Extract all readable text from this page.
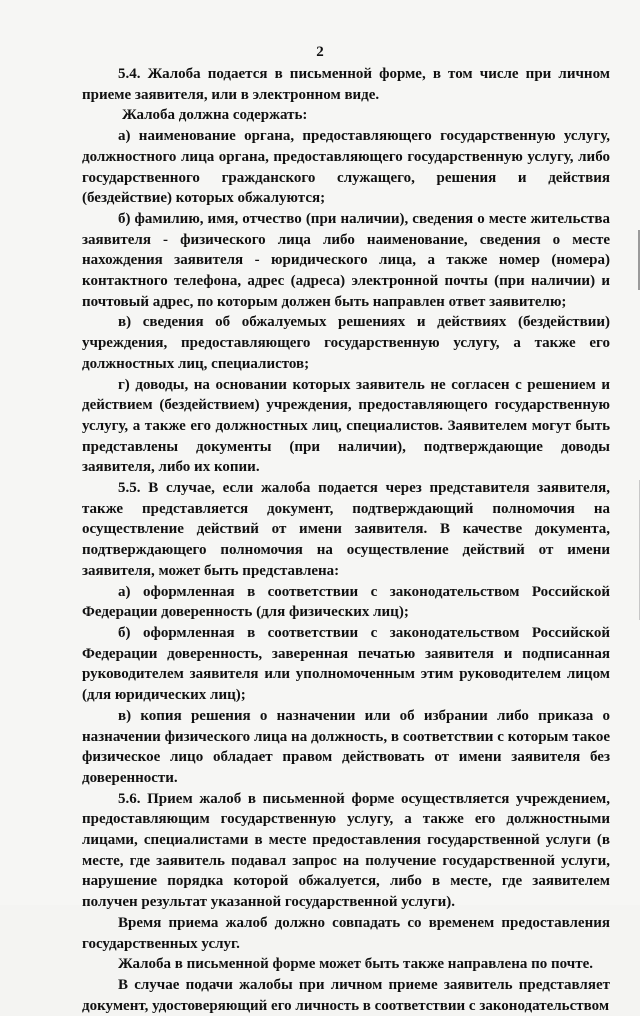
2

5.4. Жалоба подается в письменной форме, в том числе при личном приеме заявителя, или в электронном виде.

Жалоба должна содержать:

а) наименование органа, предоставляющего государственную услугу, должностного лица органа, предоставляющего государственную услугу, либо государственного гражданского служащего, решения и действия (бездействие) которых обжалуются;

б) фамилию, имя, отчество (при наличии), сведения о месте жительства заявителя - физического лица либо наименование, сведения о месте нахождения заявителя - юридического лица, а также номер (номера) контактного телефона, адрес (адреса) электронной почты (при наличии) и почтовый адрес, по которым должен быть направлен ответ заявителю;

в) сведения об обжалуемых решениях и действиях (бездействии) учреждения, предоставляющего государственную услугу, а также его должностных лиц, специалистов;

г) доводы, на основании которых заявитель не согласен с решением и действием (бездействием) учреждения, предоставляющего государственную услугу, а также его должностных лиц, специалистов. Заявителем могут быть представлены документы (при наличии), подтверждающие доводы заявителя, либо их копии.

5.5. В случае, если жалоба подается через представителя заявителя, также представляется документ, подтверждающий полномочия на осуществление действий от имени заявителя. В качестве документа, подтверждающего полномочия на осуществление действий от имени заявителя, может быть представлена:

а) оформленная в соответствии с законодательством Российской Федерации доверенность (для физических лиц);

б) оформленная в соответствии с законодательством Российской Федерации доверенность, заверенная печатью заявителя и подписанная руководителем заявителя или уполномоченным этим руководителем лицом (для юридических лиц);

в) копия решения о назначении или об избрании либо приказа о назначении физического лица на должность, в соответствии с которым такое физическое лицо обладает правом действовать от имени заявителя без доверенности.

5.6. Прием жалоб в письменной форме осуществляется учреждением, предоставляющим государственную услугу, а также его должностными лицами, специалистами в месте предоставления государственной услуги (в месте, где заявитель подавал запрос на получение государственной услуги, нарушение порядка которой обжалуется, либо в месте, где заявителем получен результат указанной государственной услуги).

Время приема жалоб должно совпадать со временем предоставления государственных услуг.

Жалоба в письменной форме может быть также направлена по почте.

В случае подачи жалобы при личном приеме заявитель представляет документ, удостоверяющий его личность в соответствии с законодательством
